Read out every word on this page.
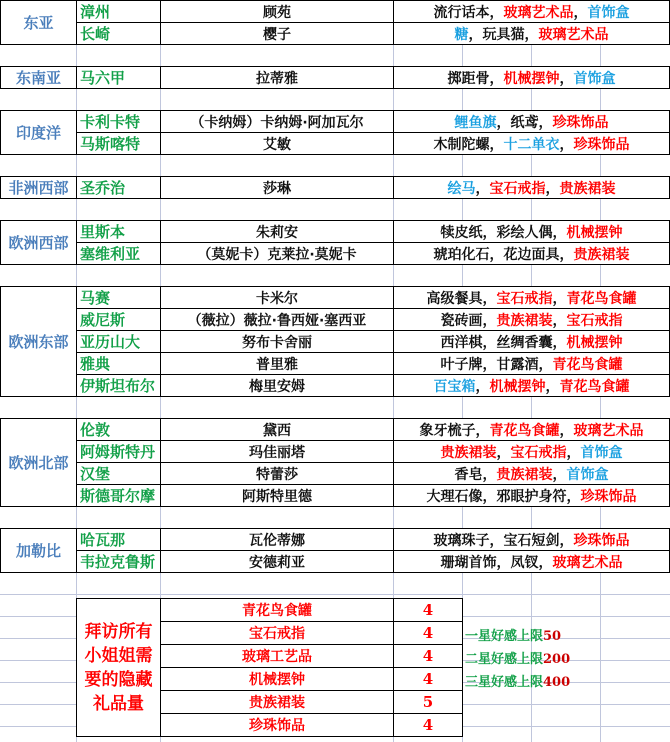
东亚
漳州	顾苑	流行话本 ， 玻璃艺术品 ， 首饰盒
长崎	樱子	糖 ， 玩具猫 ， 玻璃艺术品
东南亚	马六甲	拉蒂雅	掷距骨 ， 机械摆钟 ， 首饰盒
印度洋
卡利卡特	（卡纳姆）卡纳姆·阿加瓦尔	鲤鱼旗 ， 纸鸢 ， 珍珠饰品
马斯喀特	艾敏	木制陀螺 ， 十二单衣 ， 珍珠饰品
非洲西部 圣乔治	莎琳	绘马 ， 宝石戒指 ， 贵族裙装
欧洲西部
里斯本	朱莉安	犊皮纸 ， 彩绘人偶 ， 机械摆钟
塞维利亚	（莫妮卡）克莱拉·莫妮卡	琥珀化石 ， 花边面具 ， 贵族裙装
欧洲东部
马赛	卡米尔	高级餐具 ， 宝石戒指 ， 青花鸟食罐
威尼斯	（薇拉）薇拉·鲁西娅·塞西亚	瓷砖画 ， 贵族裙装 ， 宝石戒指
亚历山大	努布卡舍丽	西洋棋 ， 丝绸香囊 ， 机械摆钟
雅典	普里雅	叶子牌 ， 甘露酒 ， 青花鸟食罐
伊斯坦布尔	梅里安姆	百宝箱 ， 机械摆钟 ， 青花鸟食罐
欧洲北部
伦敦	黛西	象牙梳子 ， 青花鸟食罐 ， 玻璃艺术品
阿姆斯特丹	玛佳丽塔	贵族裙装 ， 宝石戒指 ， 首饰盒
汉堡	特蕾莎	香皂 ， 贵族裙装 ， 首饰盒
斯德哥尔摩	阿斯特里德	大理石像 ， 邪眼护身符 ， 珍珠饰品
加勒比
哈瓦那	瓦伦蒂娜	玻璃珠子 ， 宝石短剑 ， 珍珠饰品
韦拉克鲁斯	安德莉亚	珊瑚首饰 ， 凤钗 ， 玻璃艺术品
拜访所有小姐姐需要的隐藏礼品量
青花鸟食罐	4
宝石戒指	4
玻璃工艺品	4
机械摆钟	4
贵族裙装	5
珍珠饰品	4
一星好感上限50
二星好感上限200
三星好感上限400
